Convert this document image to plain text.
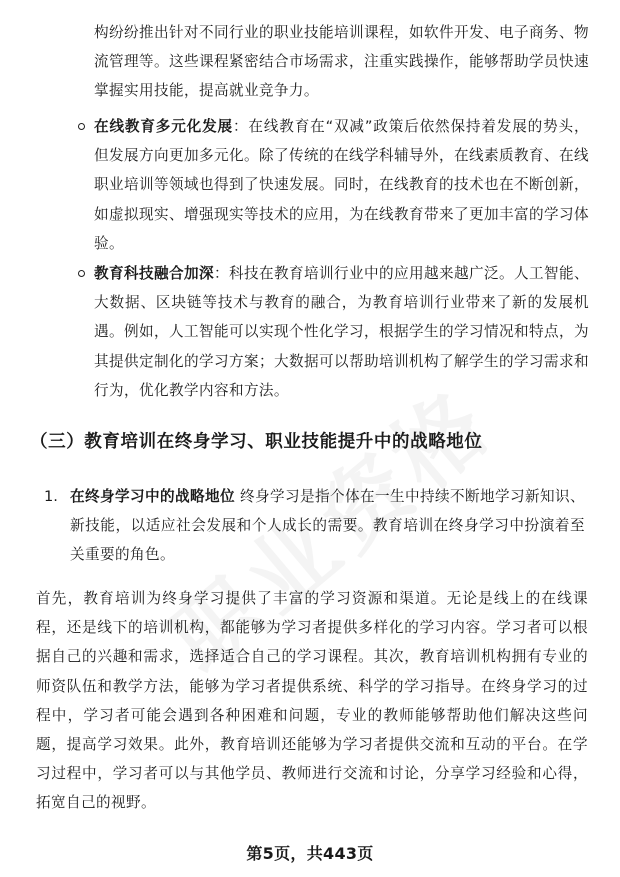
构纷纷推出针对不同行业的职业技能培训课程，如软件开发、电子商务、物流管理等。这些课程紧密结合市场需求，注重实践操作，能够帮助学员快速掌握实用技能，提高就业竞争力。

在线教育多元化发展：在线教育在“双减”政策后依然保持着发展的势头，但发展方向更加多元化。除了传统的在线学科辅导外，在线素质教育、在线职业培训等领域也得到了快速发展。同时，在线教育的技术也在不断创新，如虚拟现实、增强现实等技术的应用，为在线教育带来了更加丰富的学习体验。

教育科技融合加深：科技在教育培训行业中的应用越来越广泛。人工智能、大数据、区块链等技术与教育的融合，为教育培训行业带来了新的发展机遇。例如，人工智能可以实现个性化学习，根据学生的学习情况和特点，为其提供定制化的学习方案；大数据可以帮助培训机构了解学生的学习需求和行为，优化教学内容和方法。

（三）教育培训在终身学习、职业技能提升中的战略地位
1. 在终身学习中的战略地位 终身学习是指个体在一生中持续不断地学习新知识、新技能，以适应社会发展和个人成长的需要。教育培训在终身学习中扮演着至关重要的角色。

首先，教育培训为终身学习提供了丰富的学习资源和渠道。无论是线上的在线课程，还是线下的培训机构，都能够为学习者提供多样化的学习内容。学习者可以根据自己的兴趣和需求，选择适合自己的学习课程。其次，教育培训机构拥有专业的师资队伍和教学方法，能够为学习者提供系统、科学的学习指导。在终身学习的过程中，学习者可能会遇到各种困难和问题，专业的教师能够帮助他们解决这些问题，提高学习效果。此外，教育培训还能够为学习者提供交流和互动的平台。在学习过程中，学习者可以与其他学员、教师进行交流和讨论，分享学习经验和心得，拓宽自己的视野。

第5页，共443页
